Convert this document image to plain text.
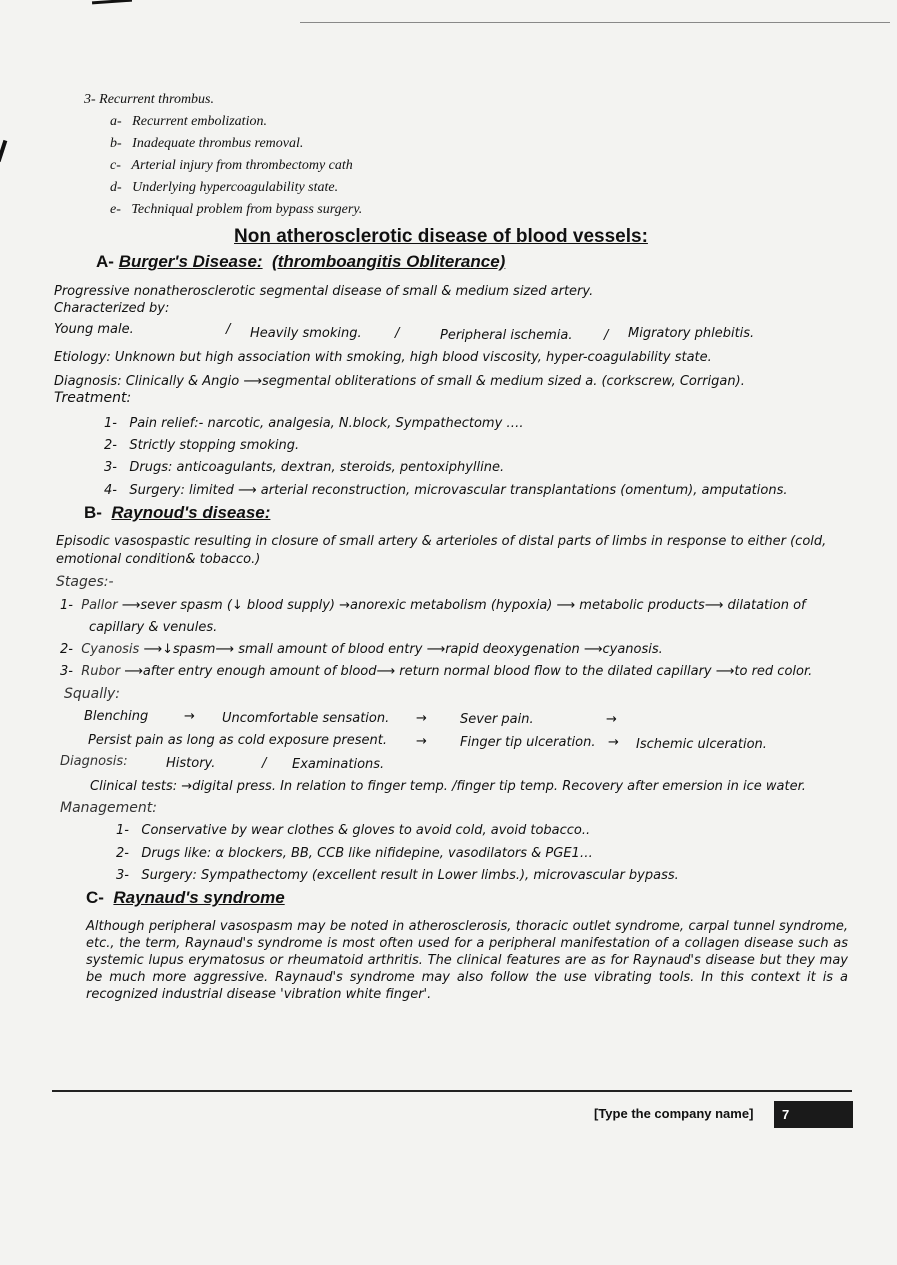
3- Recurrent thrombus.
a- Recurrent embolization.
b- Inadequate thrombus removal.
c- Arterial injury from thrombectomy cath
d- Underlying hypercoagulability state.
e- Techniqual problem from bypass surgery.
Non atherosclerotic disease of blood vessels:
A- Burger's Disease: (thromboangitis Obliterance)
Progressive nonatherosclerotic segmental disease of small & medium sized artery.
Characterized by:
Young male.	/ Heavily smoking.	/	Peripheral ischemia. / Migratory phlebitis.
Etiology: Unknown but high association with smoking, high blood viscosity, hyper-coagulability state.
Diagnosis: Clinically & Angio ⟶segmental obliterations of small & medium sized a. (corkscrew, Corrigan).
Treatment:
1- Pain relief:- narcotic, analgesia, N.block, Sympathectomy ….
2- Strictly stopping smoking.
3- Drugs: anticoagulants, dextran, steroids, pentoxiphylline.
4- Surgery: limited ⟶ arterial reconstruction, microvascular transplantations (omentum), amputations.
B- Raynoud's disease:
Episodic vasospastic resulting in closure of small artery & arterioles of distal parts of limbs in response to either (cold,
emotional condition& tobacco.)
Stages:-
1- Pallor ⟶sever spasm (↓ blood supply) →anorexic metabolism (hypoxia) ⟶ metabolic products⟶ dilatation of
capillary & venules.
2- Cyanosis ⟶↓spasm⟶ small amount of blood entry ⟶rapid deoxygenation ⟶cyanosis.
3- Rubor ⟶after entry enough amount of blood⟶ return normal blood flow to the dilated capillary ⟶to red color.
Squally:
Blenching	→ Uncomfortable sensation. →	Sever pain.	→
Persist pain as long as cold exposure present. →	Finger tip ulceration. → Ischemic ulceration.
Diagnosis:	History.	/ Examinations.
Clinical tests: →digital press. In relation to finger temp. /finger tip temp. Recovery after emersion in ice water.
Management:
1- Conservative by wear clothes & gloves to avoid cold, avoid tobacco..
2- Drugs like: α blockers, BB, CCB like nifidepine, vasodilators & PGE1…
3- Surgery: Sympathectomy (excellent result in Lower limbs.), microvascular bypass.
C- Raynaud's syndrome
Although peripheral vasospasm may be noted in atherosclerosis, thoracic outlet syndrome, carpal tunnel syndrome, etc., the term, Raynaud's syndrome is most often used for a peripheral manifestation of a collagen disease such as systemic lupus erymatosus or rheumatoid arthritis. The clinical features are as for Raynaud's disease but they may be much more aggressive. Raynaud's syndrome may also follow the use vibrating tools. In this context it is a recognized industrial disease 'vibration white finger'.
[Type the company name]	7
